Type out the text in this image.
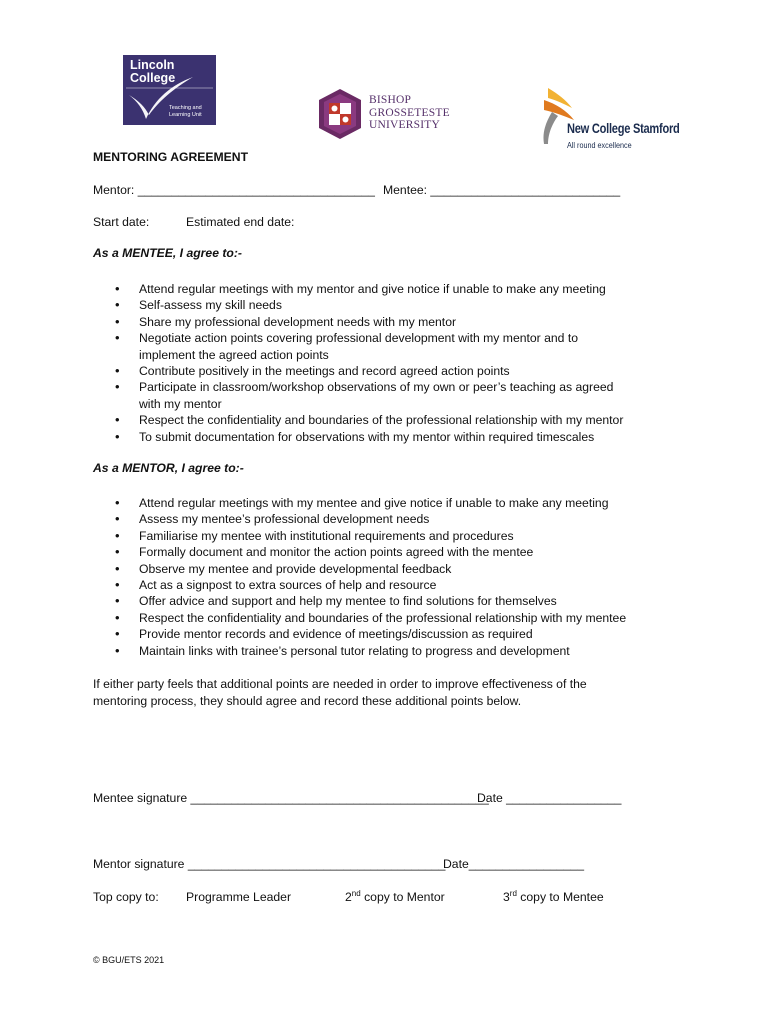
Lincoln
College
Teaching and
Learning Unit
BISHOP
GROSSETESTE
UNIVERSITY	New College Stamford
All round excellence
MENTORING AGREEMENT
Mentor: ___________________________________ Mentee: ____________________________
Start date:	Estimated end date:
As a MENTEE, I agree to:-
• Attend regular meetings with my mentor and give notice if unable to make any meeting
• Self-assess my skill needs
• Share my professional development needs with my mentor
• Negotiate action points covering professional development with my mentor and to
implement the agreed action points
• Contribute positively in the meetings and record agreed action points
• Participate in classroom/workshop observations of my own or peer’s teaching as agreed
with my mentor
• Respect the confidentiality and boundaries of the professional relationship with my mentor
• To submit documentation for observations with my mentor within required timescales
As a MENTOR, I agree to:-
• Attend regular meetings with my mentee and give notice if unable to make any meeting
• Assess my mentee’s professional development needs
• Familiarise my mentee with institutional requirements and procedures
• Formally document and monitor the action points agreed with the mentee
• Observe my mentee and provide developmental feedback
• Act as a signpost to extra sources of help and resource
• Offer advice and support and help my mentee to find solutions for themselves
• Respect the confidentiality and boundaries of the professional relationship with my mentee
• Provide mentor records and evidence of meetings/discussion as required
• Maintain links with trainee’s personal tutor relating to progress and development
If either party feels that additional points are needed in order to improve effectiveness of the
mentoring process, they should agree and record these additional points below.
Mentee signature ____________________________________________
Date _________________
Mentor signature ______________________________________
Date_________________
Top copy to: Programme Leader	2nd copy to Mentor	3rd copy to Mentee
© BGU/ETS 2021
